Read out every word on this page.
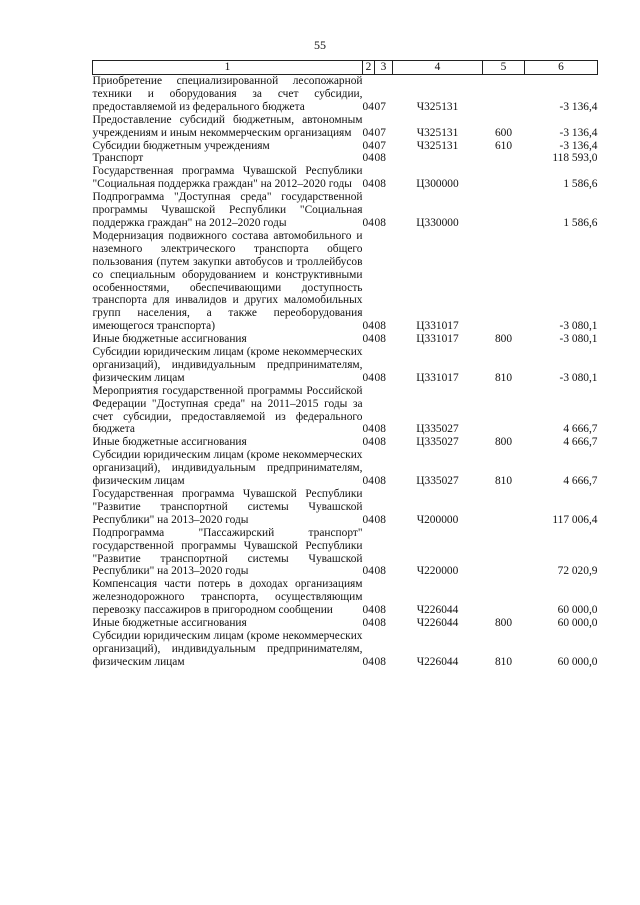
55
1	2	3	4	5	6
Приобретение специализированной лесопожарной техники и оборудования за счет субсидии, предоставляемой из федерального бюджета	04	07	Ч325131		-3 136,4
Предоставление субсидий бюджетным, автономным учреждениям и иным некоммерческим организациям	04	07	Ч325131	600	-3 136,4
Субсидии бюджетным учреждениям	04	07	Ч325131	610	-3 136,4
Транспорт	04	08			118 593,0
Государственная программа Чувашской Республики "Социальная поддержка граждан" на 2012–2020 годы	04	08	Ц300000		1 586,6
Подпрограмма "Доступная среда" государственной программы Чувашской Республики "Социальная поддержка граждан" на 2012–2020 годы	04	08	Ц330000		1 586,6
Модернизация подвижного состава автомобильного и наземного электрического транспорта общего пользования (путем закупки автобусов и троллейбусов со специальным оборудованием и конструктивными особенностями, обеспечивающими доступность транспорта для инвалидов и других маломобильных групп населения, а также переоборудования имеющегося транспорта)	04	08	Ц331017		-3 080,1
Иные бюджетные ассигнования	04	08	Ц331017	800	-3 080,1
Субсидии юридическим лицам (кроме некоммерческих организаций), индивидуальным предпринимателям, физическим лицам	04	08	Ц331017	810	-3 080,1
Мероприятия государственной программы Российской Федерации "Доступная среда" на 2011–2015 годы за счет субсидии, предоставляемой из федерального бюджета	04	08	Ц335027		4 666,7
Иные бюджетные ассигнования	04	08	Ц335027	800	4 666,7
Субсидии юридическим лицам (кроме некоммерческих организаций), индивидуальным предпринимателям, физическим лицам	04	08	Ц335027	810	4 666,7
Государственная программа Чувашской Республики "Развитие транспортной системы Чувашской Республики" на 2013–2020 годы	04	08	Ч200000		117 006,4
Подпрограмма "Пассажирский транспорт" государственной программы Чувашской Республики "Развитие транспортной системы Чувашской Республики" на 2013–2020 годы	04	08	Ч220000		72 020,9
Компенсация части потерь в доходах организациям железнодорожного транспорта, осуществляющим перевозку пассажиров в пригородном сообщении	04	08	Ч226044		60 000,0
Иные бюджетные ассигнования	04	08	Ч226044	800	60 000,0
Субсидии юридическим лицам (кроме некоммерческих организаций), индивидуальным предпринимателям, физическим лицам	04	08	Ч226044	810	60 000,0
